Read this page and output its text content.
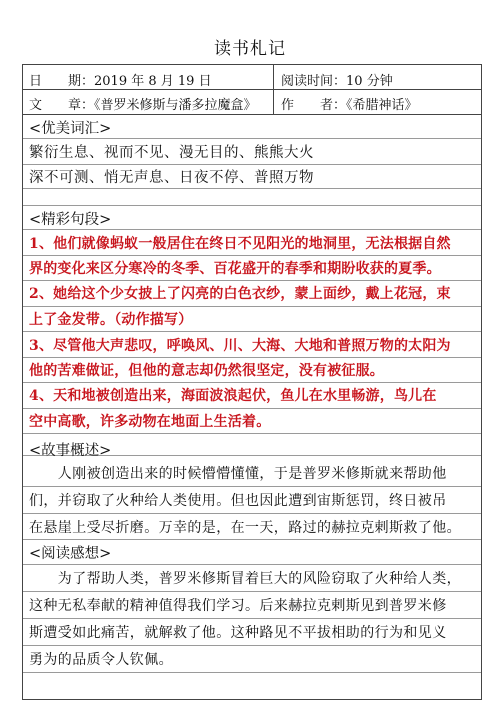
读书札记
日　　期：2019 年 8 月 19 日	阅读时间：10 分钟
文　　章：《普罗米修斯与潘多拉魔盒》 作　　者：《希腊神话》
<优美词汇>
繁衍生息、视而不见、漫无目的、熊熊大火
深不可测、悄无声息、日夜不停、普照万物
<精彩句段>
1、他们就像蚂蚁一般居住在终日不见阳光的地洞里，无法根据自然
界的变化来区分寒冷的冬季、百花盛开的春季和期盼收获的夏季。
2、她给这个少女披上了闪亮的白色衣纱，蒙上面纱，戴上花冠，束
上了金发带。（动作描写）
3、尽管他大声悲叹，呼唤风、川、大海、大地和普照万物的太阳为
他的苦难做证，但他的意志却仍然很坚定，没有被征服。
4、天和地被创造出来，海面波浪起伏，鱼儿在水里畅游，鸟儿在
空中高歌，许多动物在地面上生活着。
<故事概述>
　　人刚被创造出来的时候懵懵懂懂，于是普罗米修斯就来帮助他
们，并窃取了火种给人类使用。但也因此遭到宙斯惩罚，终日被吊
在悬崖上受尽折磨。万幸的是，在一天，路过的赫拉克剌斯救了他。
<阅读感想>
　　为了帮助人类，普罗米修斯冒着巨大的风险窃取了火种给人类，
这种无私奉献的精神值得我们学习。后来赫拉克剌斯见到普罗米修
斯遭受如此痛苦，就解救了他。这种路见不平拔相助的行为和见义
勇为的品质令人钦佩。
